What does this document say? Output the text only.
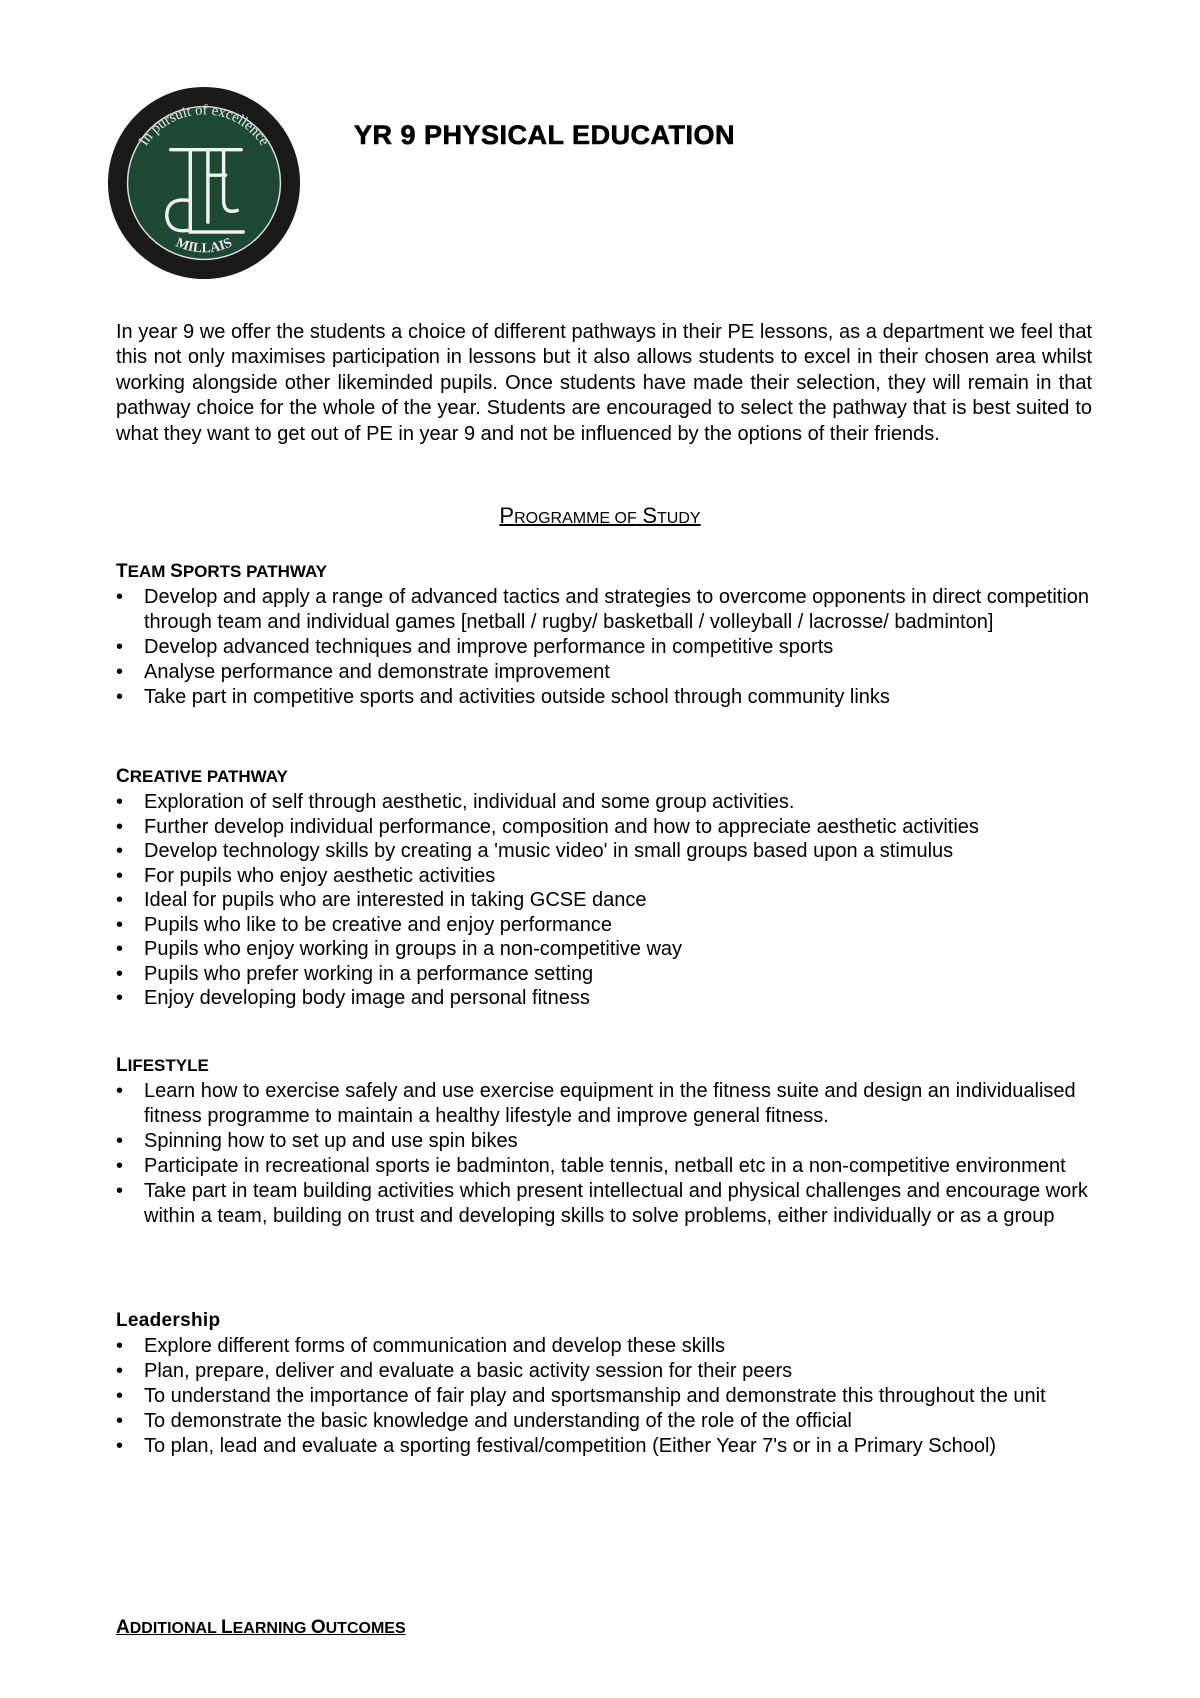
In pursuit of excellence
MILLAIS
YR 9 PHYSICAL EDUCATION

In year 9 we offer the students a choice of different pathways in their PE lessons, as a department we feel that this not only maximises participation in lessons but it also allows students to excel in their chosen area whilst working alongside other likeminded pupils. Once students have made their selection, they will remain in that pathway choice for the whole of the year. Students are encouraged to select the pathway that is best suited to what they want to get out of PE in year 9 and not be influenced by the options of their friends.

PROGRAMME OF STUDY
TEAM SPORTS PATHWAY
• Develop and apply a range of advanced tactics and strategies to overcome opponents in direct competition through team and individual games [netball / rugby/ basketball / volleyball / lacrosse/ badminton]
• Develop advanced techniques and improve performance in competitive sports
• Analyse performance and demonstrate improvement
• Take part in competitive sports and activities outside school through community links
CREATIVE PATHWAY
• Exploration of self through aesthetic, individual and some group activities.
• Further develop individual performance, composition and how to appreciate aesthetic activities
• Develop technology skills by creating a 'music video' in small groups based upon a stimulus
• For pupils who enjoy aesthetic activities
• Ideal for pupils who are interested in taking GCSE dance
• Pupils who like to be creative and enjoy performance
• Pupils who enjoy working in groups in a non-competitive way
• Pupils who prefer working in a performance setting
• Enjoy developing body image and personal fitness
LIFESTYLE
• Learn how to exercise safely and use exercise equipment in the fitness suite and design an individualised fitness programme to maintain a healthy lifestyle and improve general fitness.
• Spinning how to set up and use spin bikes
• Participate in recreational sports ie badminton, table tennis, netball etc in a non-competitive environment
• Take part in team building activities which present intellectual and physical challenges and encourage work within a team, building on trust and developing skills to solve problems, either individually or as a group
Leadership
• Explore different forms of communication and develop these skills
• Plan, prepare, deliver and evaluate a basic activity session for their peers
• To understand the importance of fair play and sportsmanship and demonstrate this throughout the unit
• To demonstrate the basic knowledge and understanding of the role of the official
• To plan, lead and evaluate a sporting festival/competition (Either Year 7's or in a Primary School)
ADDITIONAL LEARNING OUTCOMES
